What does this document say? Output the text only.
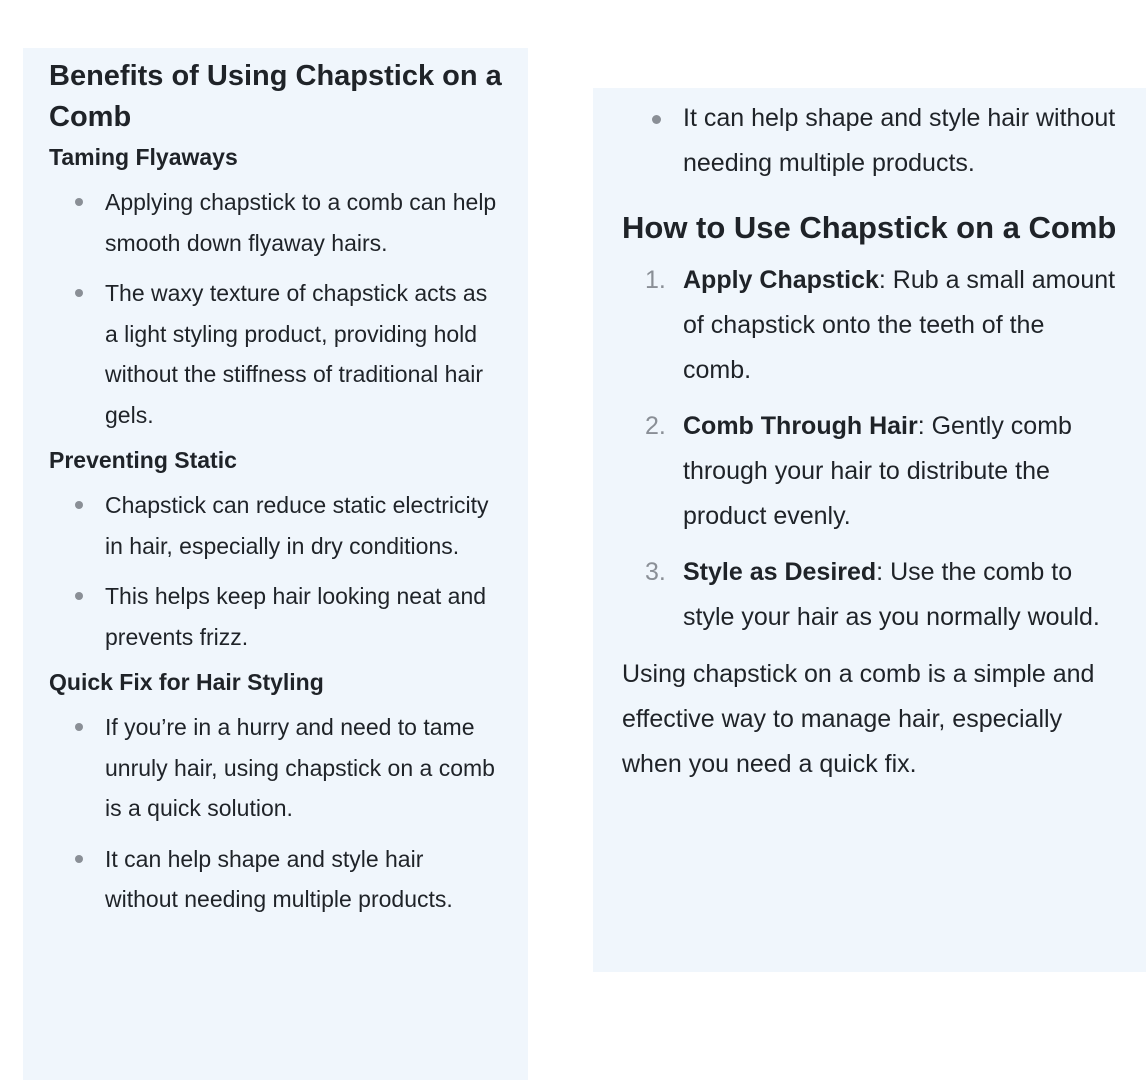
Benefits of Using Chapstick on a Comb
Taming Flyaways
Applying chapstick to a comb can help smooth down flyaway hairs.
The waxy texture of chapstick acts as a light styling product, providing hold without the stiffness of traditional hair gels.
Preventing Static
Chapstick can reduce static electricity in hair, especially in dry conditions.
This helps keep hair looking neat and prevents frizz.
Quick Fix for Hair Styling
If you’re in a hurry and need to tame unruly hair, using chapstick on a comb is a quick solution.
It can help shape and style hair without needing multiple products.
It can help shape and style hair without needing multiple products.
How to Use Chapstick on a Comb
1. Apply Chapstick: Rub a small amount of chapstick onto the teeth of the comb.
2. Comb Through Hair: Gently comb through your hair to distribute the product evenly.
3. Style as Desired: Use the comb to style your hair as you normally would.

Using chapstick on a comb is a simple and effective way to manage hair, especially when you need a quick fix.
